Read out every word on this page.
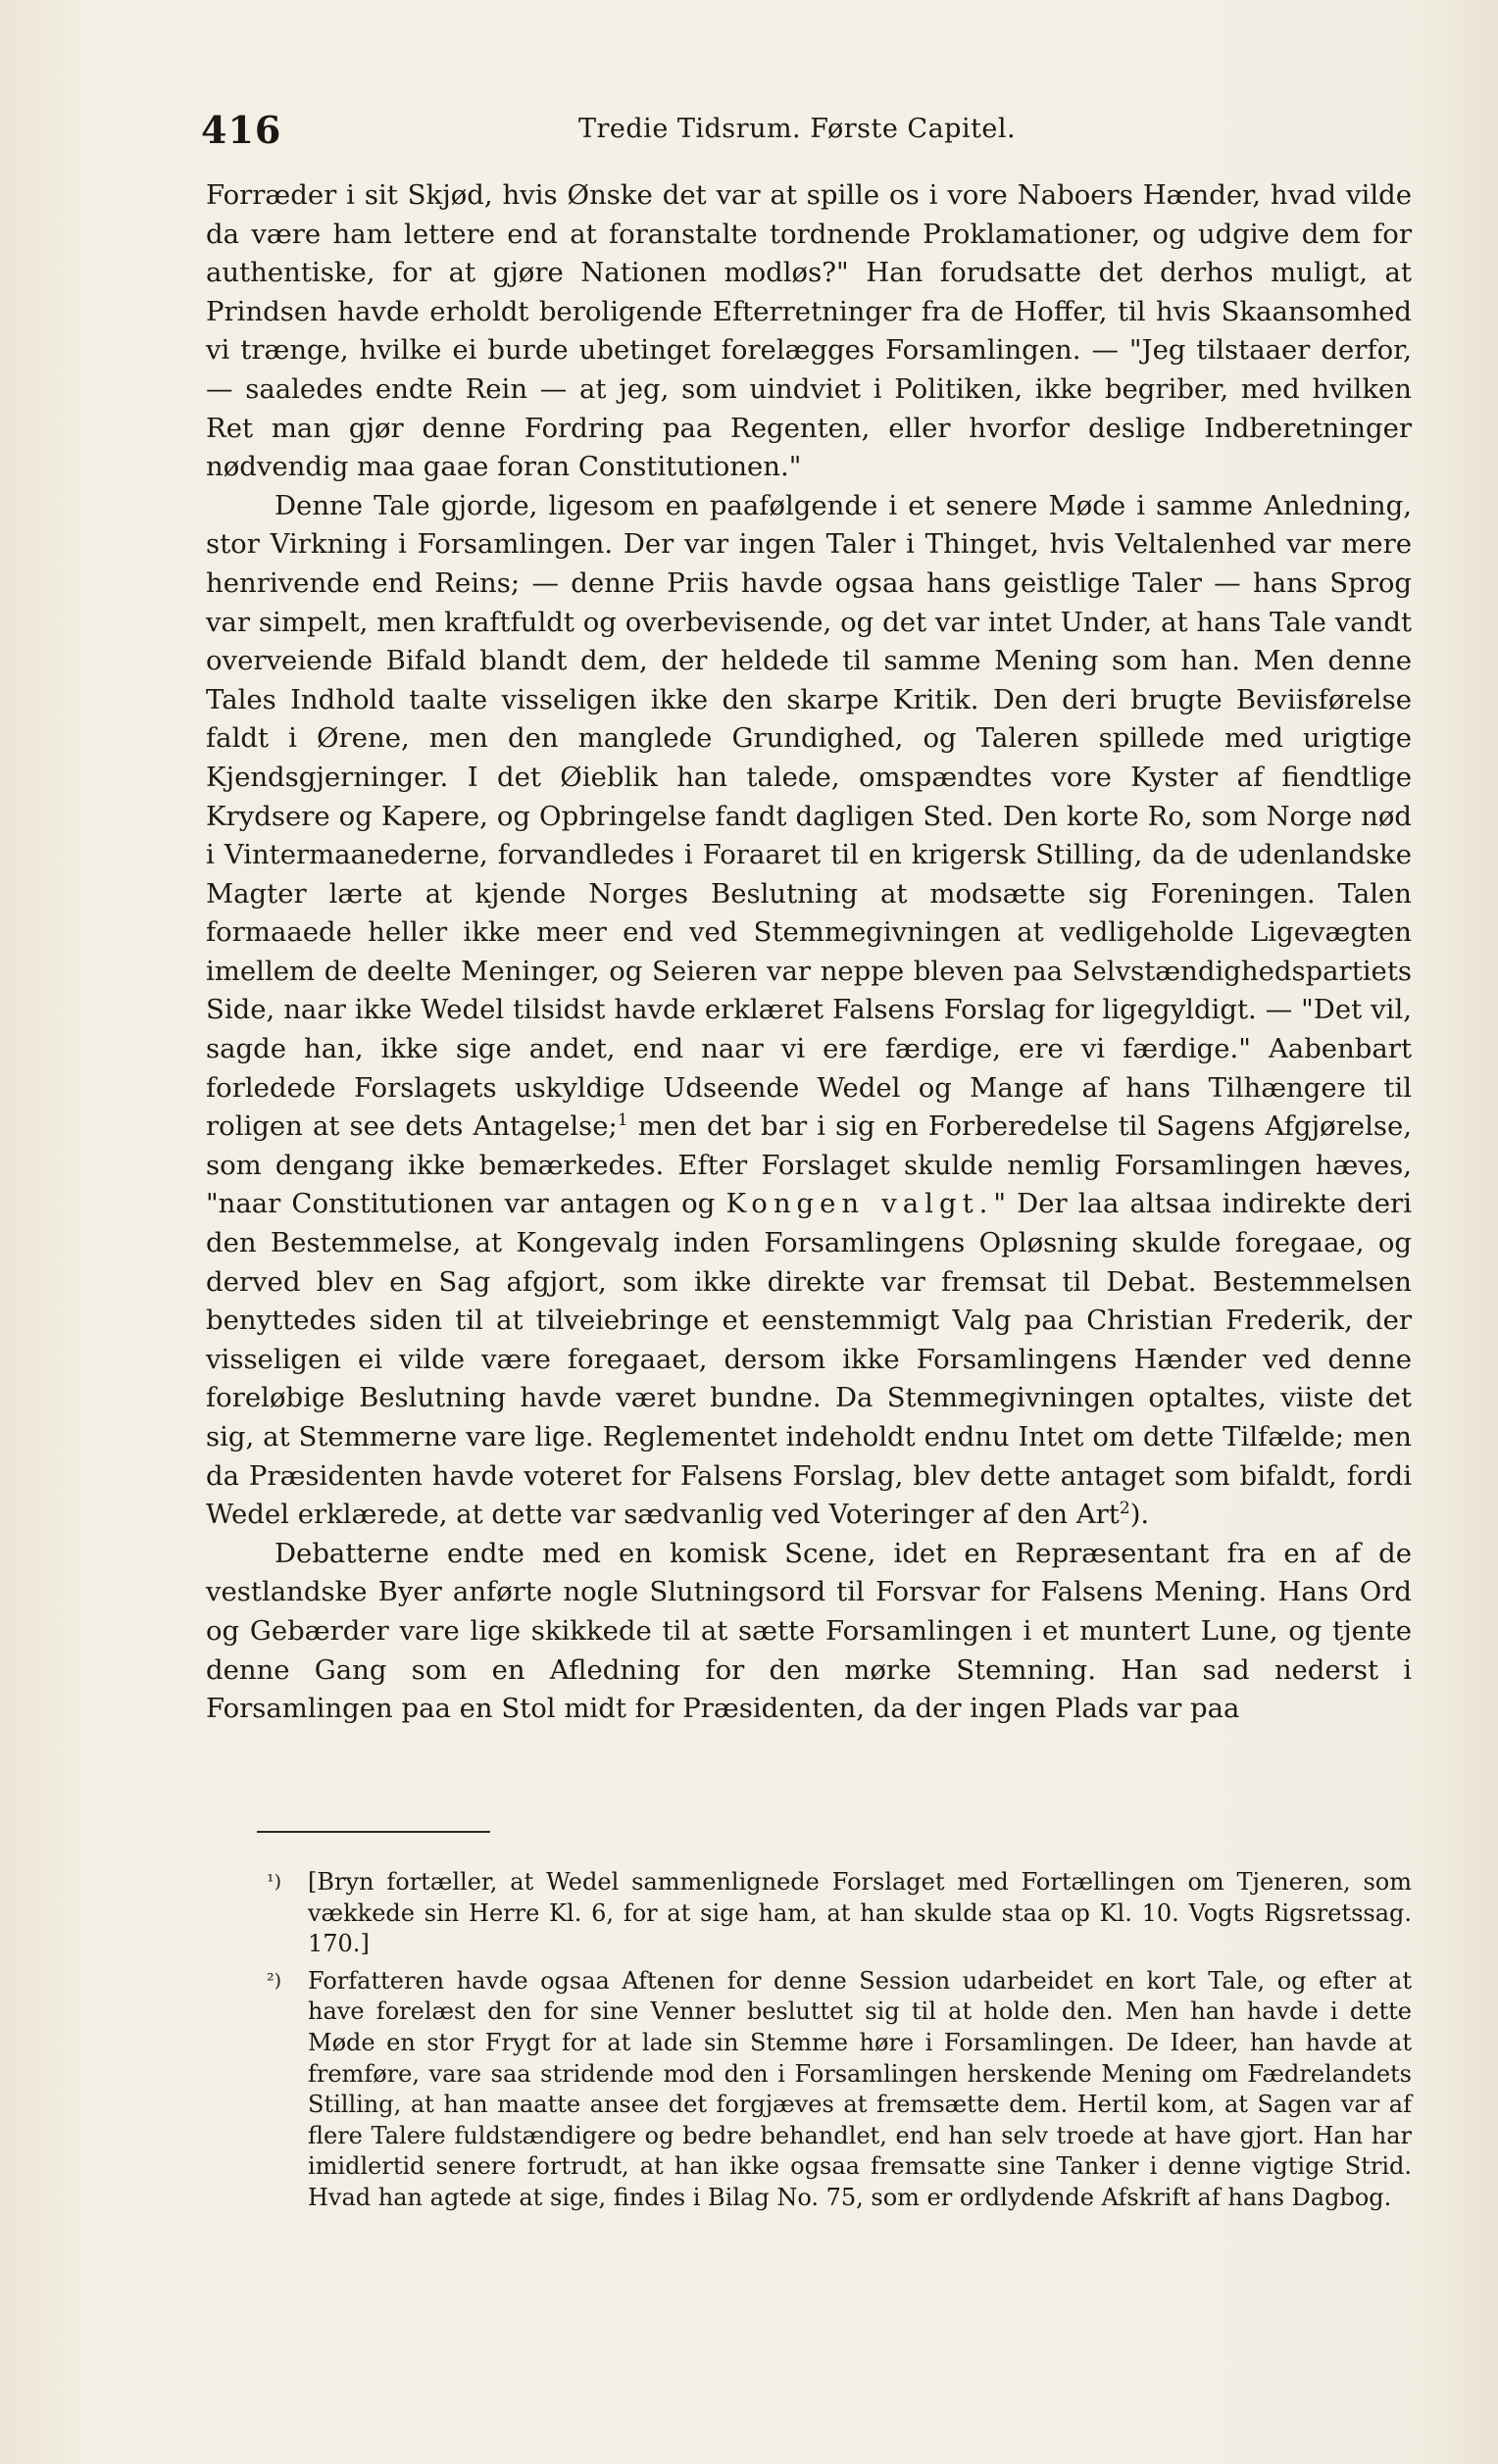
416	Tredie Tidsrum. Første Capitel.

Forræder i sit Skjød, hvis Ønske det var at spille os i vore Naboers Hænder, hvad vilde da være ham lettere end at foranstalte tordnende Proklamationer, og udgive dem for authentiske, for at gjøre Nationen modløs?" Han forudsatte det derhos muligt, at Prindsen havde erholdt beroligende Efterretninger fra de Hoffer, til hvis Skaansomhed vi trænge, hvilke ei burde ubetinget forelægges Forsamlingen. — "Jeg tilstaaer derfor, — saaledes endte Rein — at jeg, som uindviet i Politiken, ikke begriber, med hvilken Ret man gjør denne Fordring paa Regenten, eller hvorfor deslige Indberetninger nødvendig maa gaae foran Constitutionen."

Denne Tale gjorde, ligesom en paafølgende i et senere Møde i samme Anledning, stor Virkning i Forsamlingen. Der var ingen Taler i Thinget, hvis Veltalenhed var mere henrivende end Reins; — denne Priis havde ogsaa hans geistlige Taler — hans Sprog var simpelt, men kraftfuldt og overbevisende, og det var intet Under, at hans Tale vandt overveiende Bifald blandt dem, der heldede til samme Mening som han. Men denne Tales Indhold taalte visseligen ikke den skarpe Kritik. Den deri brugte Beviisførelse faldt i Ørene, men den manglede Grundighed, og Taleren spillede med urigtige Kjendsgjerninger. I det Øieblik han talede, omspændtes vore Kyster af fiendtlige Krydsere og Kapere, og Opbringelse fandt dagligen Sted. Den korte Ro, som Norge nød i Vintermaanederne, forvandledes i Foraaret til en krigersk Stilling, da de udenlandske Magter lærte at kjende Norges Beslutning at modsætte sig Foreningen. Talen formaaede heller ikke meer end ved Stemmegivningen at vedligeholde Ligevægten imellem de deelte Meninger, og Seieren var neppe bleven paa Selvstændighedspartiets Side, naar ikke Wedel tilsidst havde erklæret Falsens Forslag for ligegyldigt. — "Det vil, sagde han, ikke sige andet, end naar vi ere færdige, ere vi færdige." Aabenbart forledede Forslagets uskyldige Udseende Wedel og Mange af hans Tilhængere til roligen at see dets Antagelse;$^1$ men det bar i sig en Forberedelse til Sagens Afgjørelse, som dengang ikke bemærkedes. Efter Forslaget skulde nemlig Forsamlingen hæves, "naar Constitutionen var antagen og Kongen valgt." Der laa altsaa indirekte deri den Bestemmelse, at Kongevalg inden Forsamlingens Opløsning skulde foregaae, og derved blev en Sag afgjort, som ikke direkte var fremsat til Debat. Bestemmelsen benyttedes siden til at tilveiebringe et eenstemmigt Valg paa Christian Frederik, der visseligen ei vilde være foregaaet, dersom ikke Forsamlingens Hænder ved denne foreløbige Beslutning havde været bundne. Da Stemmegivningen optaltes, viiste det sig, at Stemmerne vare lige. Reglementet indeholdt endnu Intet om dette Tilfælde; men da Præsidenten havde voteret for Falsens Forslag, blev dette antaget som bifaldt, fordi Wedel erklærede, at dette var sædvanlig ved Voteringer af den Art$^2$).

Debatterne endte med en komisk Scene, idet en Repræsentant fra en af de vestlandske Byer anførte nogle Slutningsord til Forsvar for Falsens Mening. Hans Ord og Gebærder vare lige skikkede til at sætte Forsamlingen i et muntert Lune, og tjente denne Gang som en Afledning for den mørke Stemning. Han sad nederst i Forsamlingen paa en Stol midt for Præsidenten, da der ingen Plads var paa

¹) [Bryn fortæller, at Wedel sammenlignede Forslaget med Fortællingen om Tjeneren, som vækkede sin Herre Kl. 6, for at sige ham, at han skulde staa op Kl. 10. Vogts Rigsretssag. 170.]

²) Forfatteren havde ogsaa Aftenen for denne Session udarbeidet en kort Tale, og efter at have forelæst den for sine Venner besluttet sig til at holde den. Men han havde i dette Møde en stor Frygt for at lade sin Stemme høre i Forsamlingen. De Ideer, han havde at fremføre, vare saa stridende mod den i Forsamlingen herskende Mening om Fædrelandets Stilling, at han maatte ansee det forgjæves at fremsætte dem. Hertil kom, at Sagen var af flere Talere fuldstændigere og bedre behandlet, end han selv troede at have gjort. Han har imidlertid senere fortrudt, at han ikke ogsaa fremsatte sine Tanker i denne vigtige Strid. Hvad han agtede at sige, findes i Bilag No. 75, som er ordlydende Afskrift af hans Dagbog.
